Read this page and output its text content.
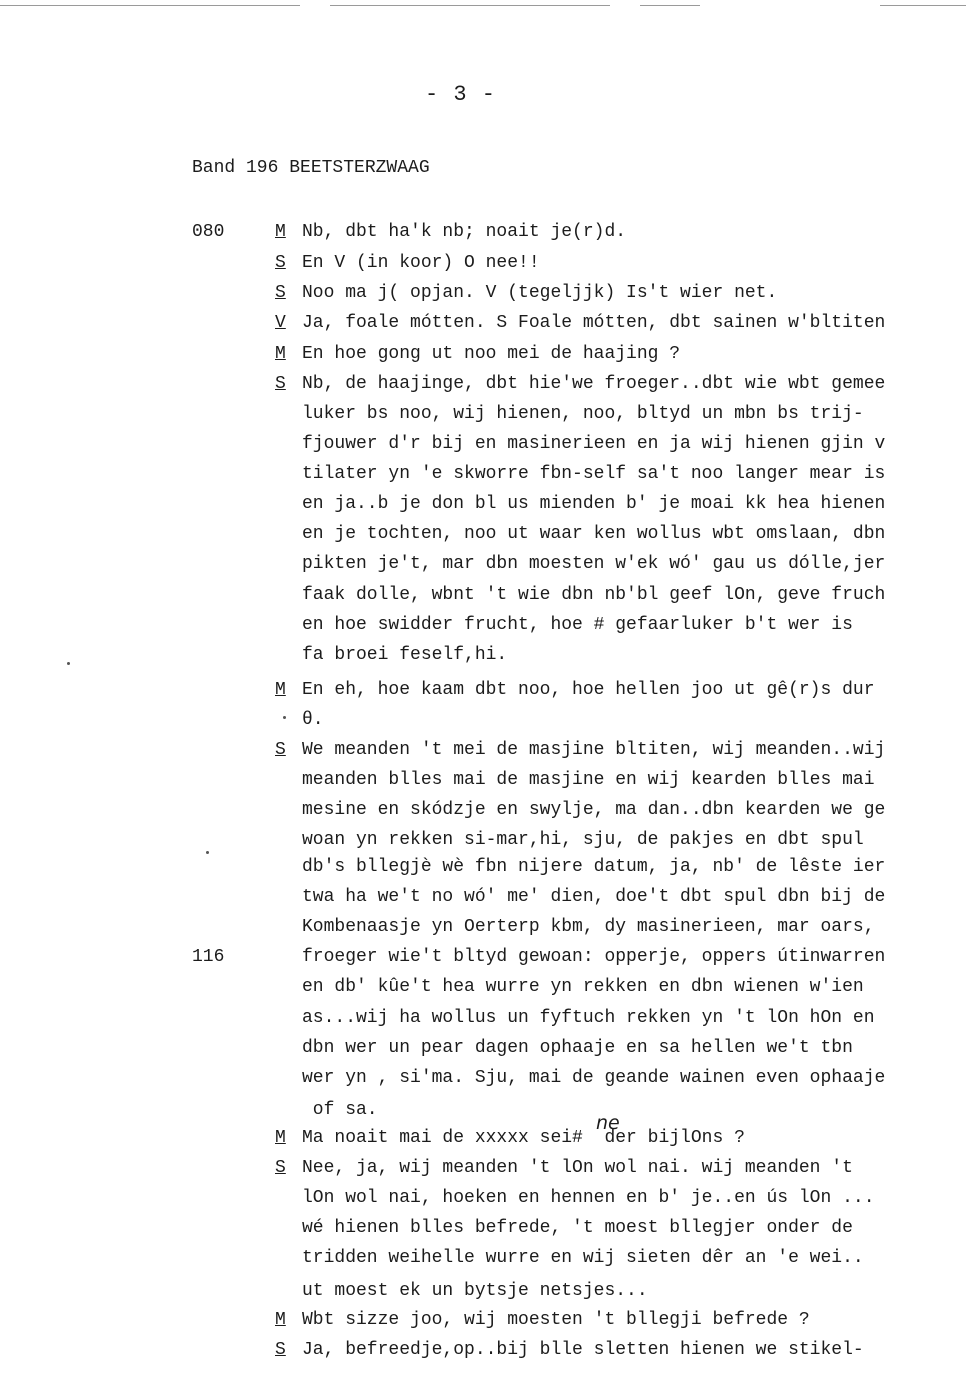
- 3 -
Band 196 BEETSTERZWAAG
080
116
ne
M Nb, dbt ha'k nb; noait je(r)d.
S En V (in koor) O nee!!
S Noo ma j( opjan. V (tegeljjk) Is't wier net.
V Ja, foale mótten. S Foale mótten, dbt sainen w'bltiten
M En hoe gong ut noo mei de haajing ?
S Nb, de haajinge, dbt hie'we froeger..dbt wie wbt gemee
luker bs noo, wij hienen, noo, bltyd un mbn bs trij-
fjouwer d'r bij en masinerieen en ja wij hienen gjin v
tilater yn 'e skworre fbn-self sa't noo langer mear is
en ja..b je don bl us mienden b' je moai kk hea hienen
en je tochten, noo ut waar ken wollus wbt omslaan, dbn
pikten je't, mar dbn moesten w'ek wó' gau us dólle,jer
faak dolle, wbnt 't wie dbn nb'bl geef lOn, geve fruch
en hoe swidder frucht, hoe # gefaarluker b't wer is
fa broei feself,hi.
M En eh, hoe kaam dbt noo, hoe hellen joo ut gê(r)s dur
θ.
S We meanden 't mei de masjine bltiten, wij meanden..wij
meanden blles mai de masjine en wij kearden blles mai
mesine en skódzje en swylje, ma dan..dbn kearden we ge
woan yn rekken si-mar,hi, sju, de pakjes en dbt spul
db's bllegjè wè fbn nijere datum, ja, nb' de lêste ier
twa ha we't no wó' me' dien, doe't dbt spul dbn bij de
Kombenaasje yn Oerterp kbm, dy masinerieen, mar oars,
froeger wie't bltyd gewoan: opperje, oppers útinwarren
en db' kûe't hea wurre yn rekken en dbn wienen w'ien
as...wij ha wollus un fyftuch rekken yn 't lOn hOn en
dbn wer un pear dagen ophaaje en sa hellen we't tbn
wer yn , si'ma. Sju, mai de geande wainen even ophaaje
of sa.
M Ma noait mai de xxxxx sei#  der bijlOns ?
S Nee, ja, wij meanden 't lOn wol nai. wij meanden 't
lOn wol nai, hoeken en hennen en b' je..en ús lOn ...
wé hienen blles befrede, 't moest bllegjer onder de
tridden weihelle wurre en wij sieten dêr an 'e wei..
ut moest ek un bytsje netsjes...
M Wbt sizze joo, wij moesten 't bllegji befrede ?
S Ja, befreedje,op..bij blle sletten hienen we stikel-
